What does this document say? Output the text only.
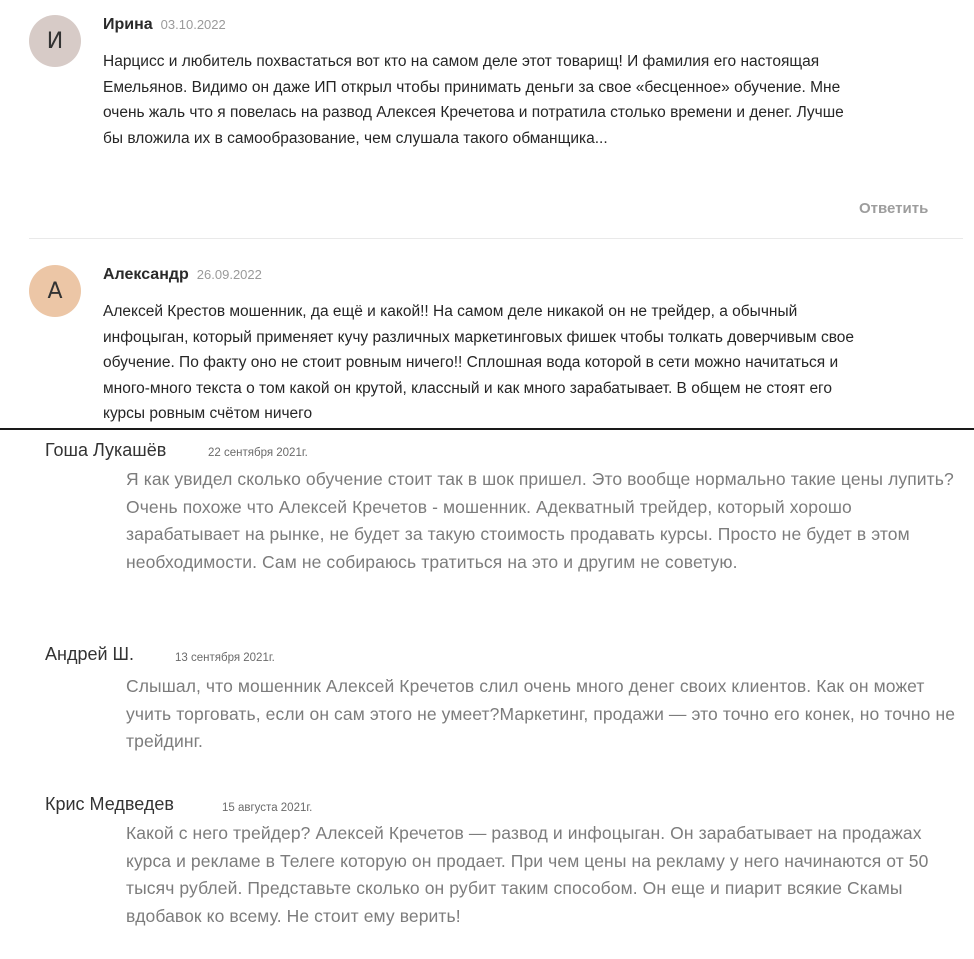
И
Ирина 03.10.2022
Нарцисс и любитель похвастаться вот кто на самом деле этот товарищ! И фамилия его настоящая Емельянов. Видимо он даже ИП открыл чтобы принимать деньги за свое «бесценное» обучение. Мне очень жаль что я повелась на развод Алексея Кречетова и потратила столько времени и денег. Лучше бы вложила их в самообразование, чем слушала такого обманщика...
Ответить
А
Александр 26.09.2022
Алексей Крестов мошенник, да ещё и какой!! На самом деле никакой он не трейдер, а обычный инфоцыган, который применяет кучу различных маркетинговых фишек чтобы толкать доверчивым свое обучение. По факту оно не стоит ровным ничего!! Сплошная вода которой в сети можно начитаться и много-много текста о том какой он крутой, классный и как много зарабатывает. В общем не стоят его курсы ровным счётом ничего
Гоша Лукашёв	22 сентября 2021г.
Я как увидел сколько обучение стоит так в шок пришел. Это вообще нормально такие цены лупить? Очень похоже что Алексей Кречетов - мошенник. Адекватный трейдер, который хорошо зарабатывает на рынке, не будет за такую стоимость продавать курсы. Просто не будет в этом необходимости. Сам не собираюсь тратиться на это и другим не советую.
Андрей Ш.	13 сентября 2021г.
Слышал, что мошенник Алексей Кречетов слил очень много денег своих клиентов. Как он может учить торговать, если он сам этого не умеет?Маркетинг, продажи — это точно его конек, но точно не трейдинг.
Крис Медведев	15 августа 2021г.
Какой с него трейдер? Алексей Кречетов — развод и инфоцыган. Он зарабатывает на продажах курса и рекламе в Телеге которую он продает. При чем цены на рекламу у него начинаются от 50 тысяч рублей. Представьте сколько он рубит таким способом. Он еще и пиарит всякие Скамы вдобавок ко всему. Не стоит ему верить!
